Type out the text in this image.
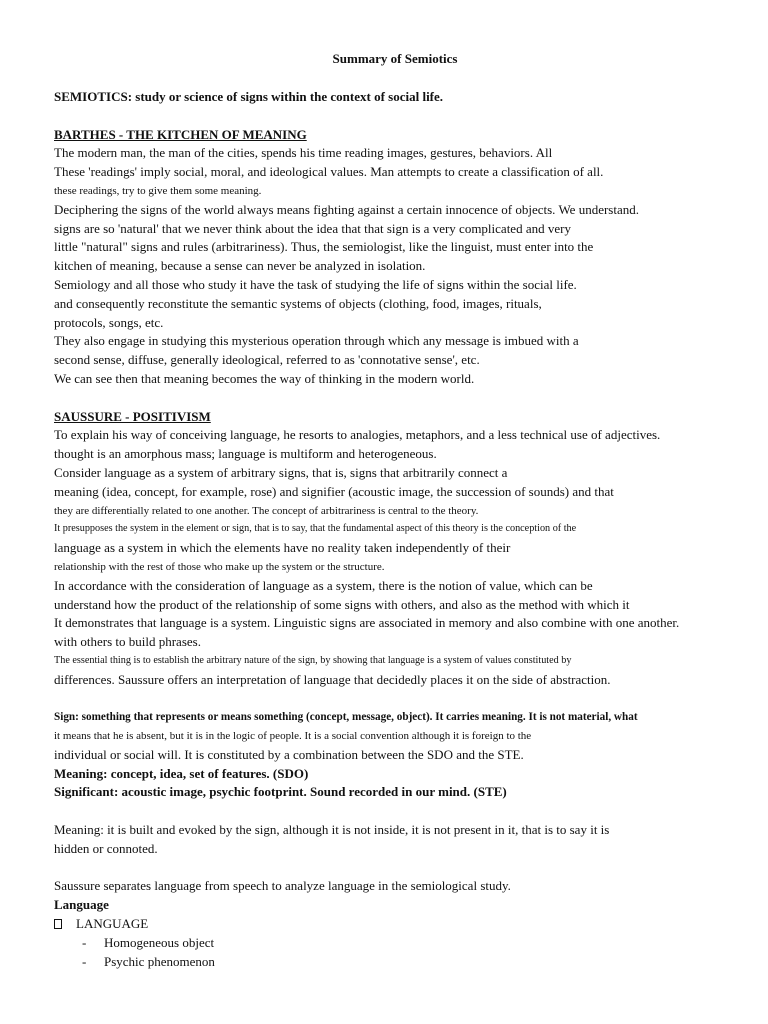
Summary of Semiotics
SEMIOTICS: study or science of signs within the context of social life.
BARTHES - THE KITCHEN OF MEANING
The modern man, the man of the cities, spends his time reading images, gestures, behaviors. All
These 'readings' imply social, moral, and ideological values. Man attempts to create a classification of all.
these readings, try to give them some meaning.
Deciphering the signs of the world always means fighting against a certain innocence of objects. We understand.
signs are so 'natural' that we never think about the idea that that sign is a very complicated and very
little "natural" signs and rules (arbitrariness). Thus, the semiologist, like the linguist, must enter into the
kitchen of meaning, because a sense can never be analyzed in isolation.
Semiology and all those who study it have the task of studying the life of signs within the social life.
and consequently reconstitute the semantic systems of objects (clothing, food, images, rituals,
protocols, songs, etc.
They also engage in studying this mysterious operation through which any message is imbued with a
second sense, diffuse, generally ideological, referred to as 'connotative sense', etc.
We can see then that meaning becomes the way of thinking in the modern world.
SAUSSURE - POSITIVISM
To explain his way of conceiving language, he resorts to analogies, metaphors, and a less technical use of adjectives.
thought is an amorphous mass; language is multiform and heterogeneous.
Consider language as a system of arbitrary signs, that is, signs that arbitrarily connect a
meaning (idea, concept, for example, rose) and signifier (acoustic image, the succession of sounds) and that
they are differentially related to one another. The concept of arbitrariness is central to the theory.
It presupposes the system in the element or sign, that is to say, that the fundamental aspect of this theory is the conception of the
language as a system in which the elements have no reality taken independently of their
relationship with the rest of those who make up the system or the structure.
In accordance with the consideration of language as a system, there is the notion of value, which can be
understand how the product of the relationship of some signs with others, and also as the method with which it
It demonstrates that language is a system. Linguistic signs are associated in memory and also combine with one another.
with others to build phrases.
The essential thing is to establish the arbitrary nature of the sign, by showing that language is a system of values constituted by
differences. Saussure offers an interpretation of language that decidedly places it on the side of abstraction.
Sign: something that represents or means something (concept, message, object). It carries meaning. It is not material, what
it means that he is absent, but it is in the logic of people. It is a social convention although it is foreign to the
individual or social will. It is constituted by a combination between the SDO and the STE.
Meaning: concept, idea, set of features. (SDO)
Significant: acoustic image, psychic footprint. Sound recorded in our mind. (STE)
Meaning: it is built and evoked by the sign, although it is not inside, it is not present in it, that is to say it is
hidden or connoted.
Saussure separates language from speech to analyze language in the semiological study.
Language
LANGUAGE
-	Homogeneous object
-	Psychic phenomenon
